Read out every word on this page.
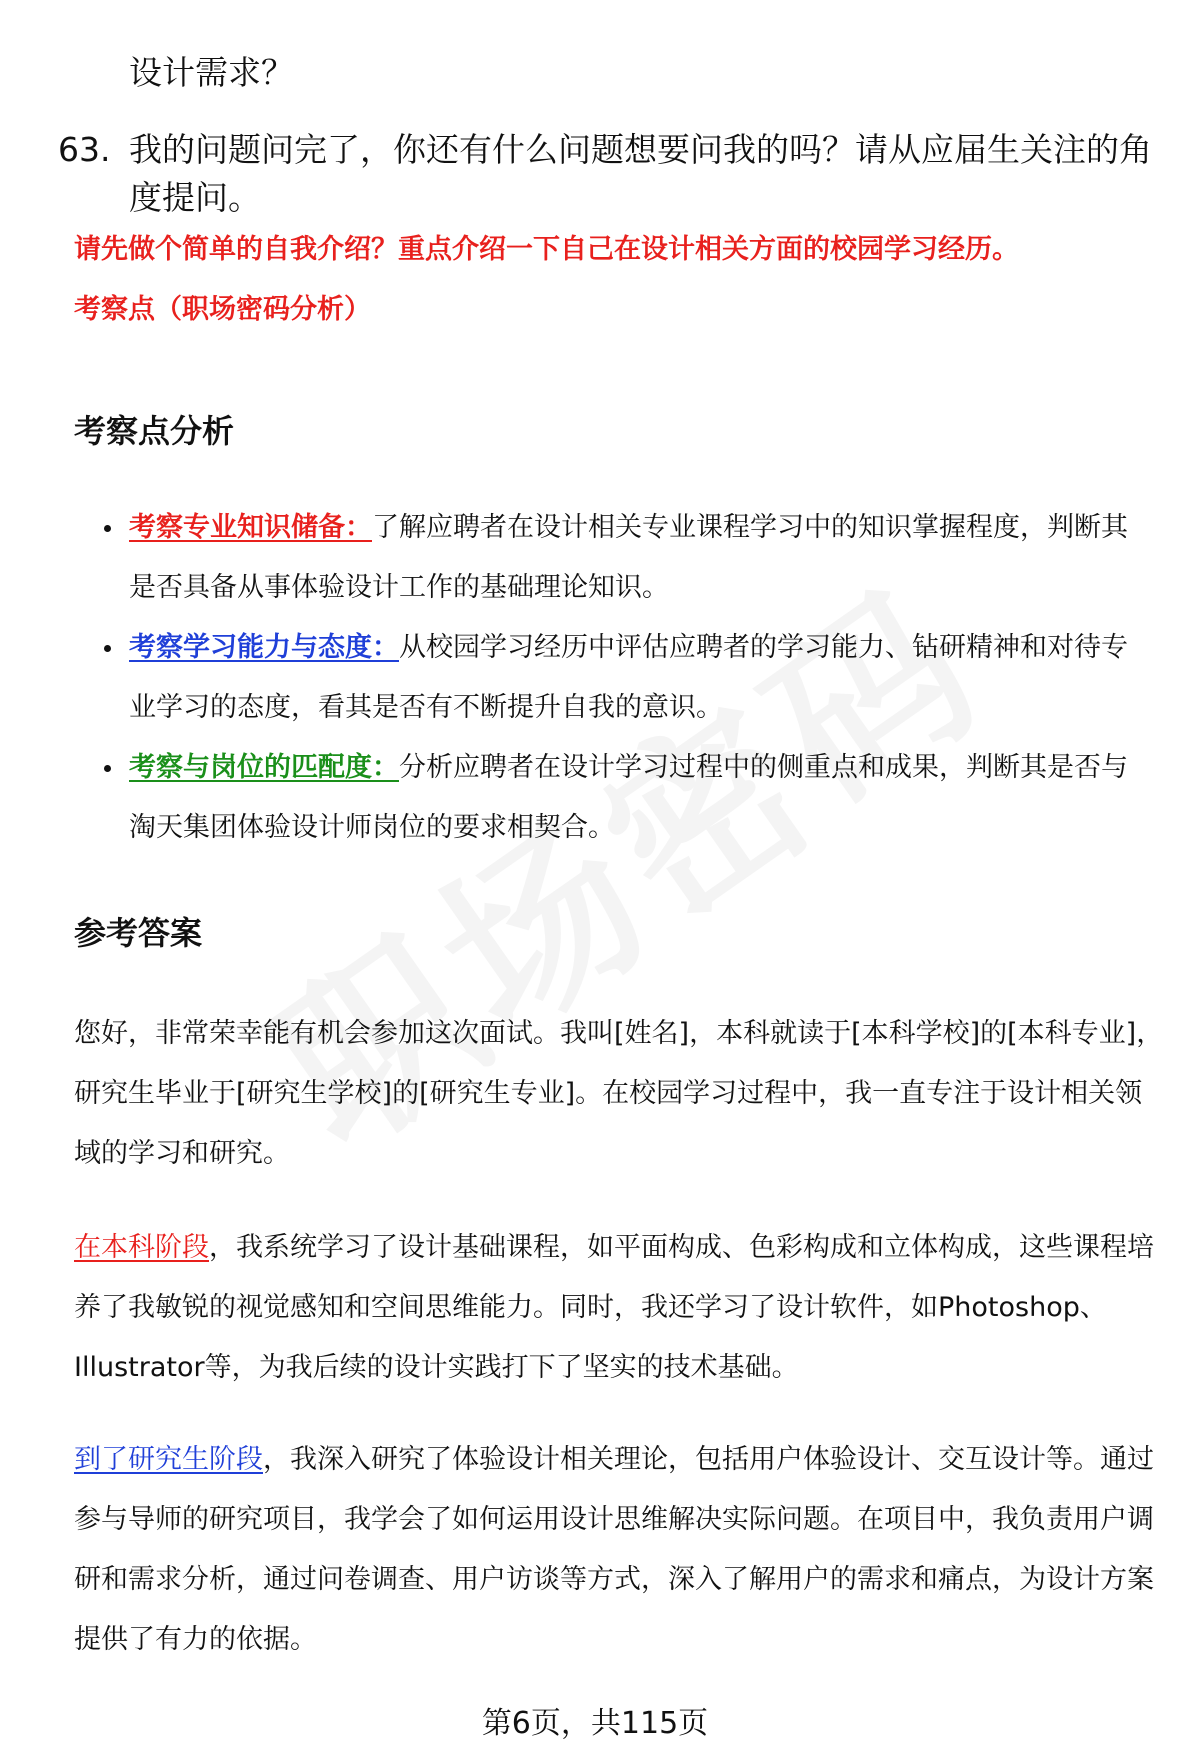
设计需求？
63. 我的问题问完了，你还有什么问题想要问我的吗？请从应届生关注的角度提问。
请先做个简单的自我介绍？重点介绍一下自己在设计相关方面的校园学习经历。
考察点（职场密码分析）
考察点分析
考察专业知识储备：了解应聘者在设计相关专业课程学习中的知识掌握程度，判断其是否具备从事体验设计工作的基础理论知识。
考察学习能力与态度：从校园学习经历中评估应聘者的学习能力、钻研精神和对待专业学习的态度，看其是否有不断提升自我的意识。
考察与岗位的匹配度：分析应聘者在设计学习过程中的侧重点和成果，判断其是否与淘天集团体验设计师岗位的要求相契合。
参考答案

您好，非常荣幸能有机会参加这次面试。我叫[姓名]，本科就读于[本科学校]的[本科专业]，研究生毕业于[研究生学校]的[研究生专业]。在校园学习过程中，我一直专注于设计相关领域的学习和研究。

在本科阶段，我系统学习了设计基础课程，如平面构成、色彩构成和立体构成，这些课程培养了我敏锐的视觉感知和空间思维能力。同时，我还学习了设计软件，如Photoshop、Illustrator等，为我后续的设计实践打下了坚实的技术基础。

到了研究生阶段，我深入研究了体验设计相关理论，包括用户体验设计、交互设计等。通过参与导师的研究项目，我学会了如何运用设计思维解决实际问题。在项目中，我负责用户调研和需求分析，通过问卷调查、用户访谈等方式，深入了解用户的需求和痛点，为设计方案提供了有力的依据。

第6页，共115页
